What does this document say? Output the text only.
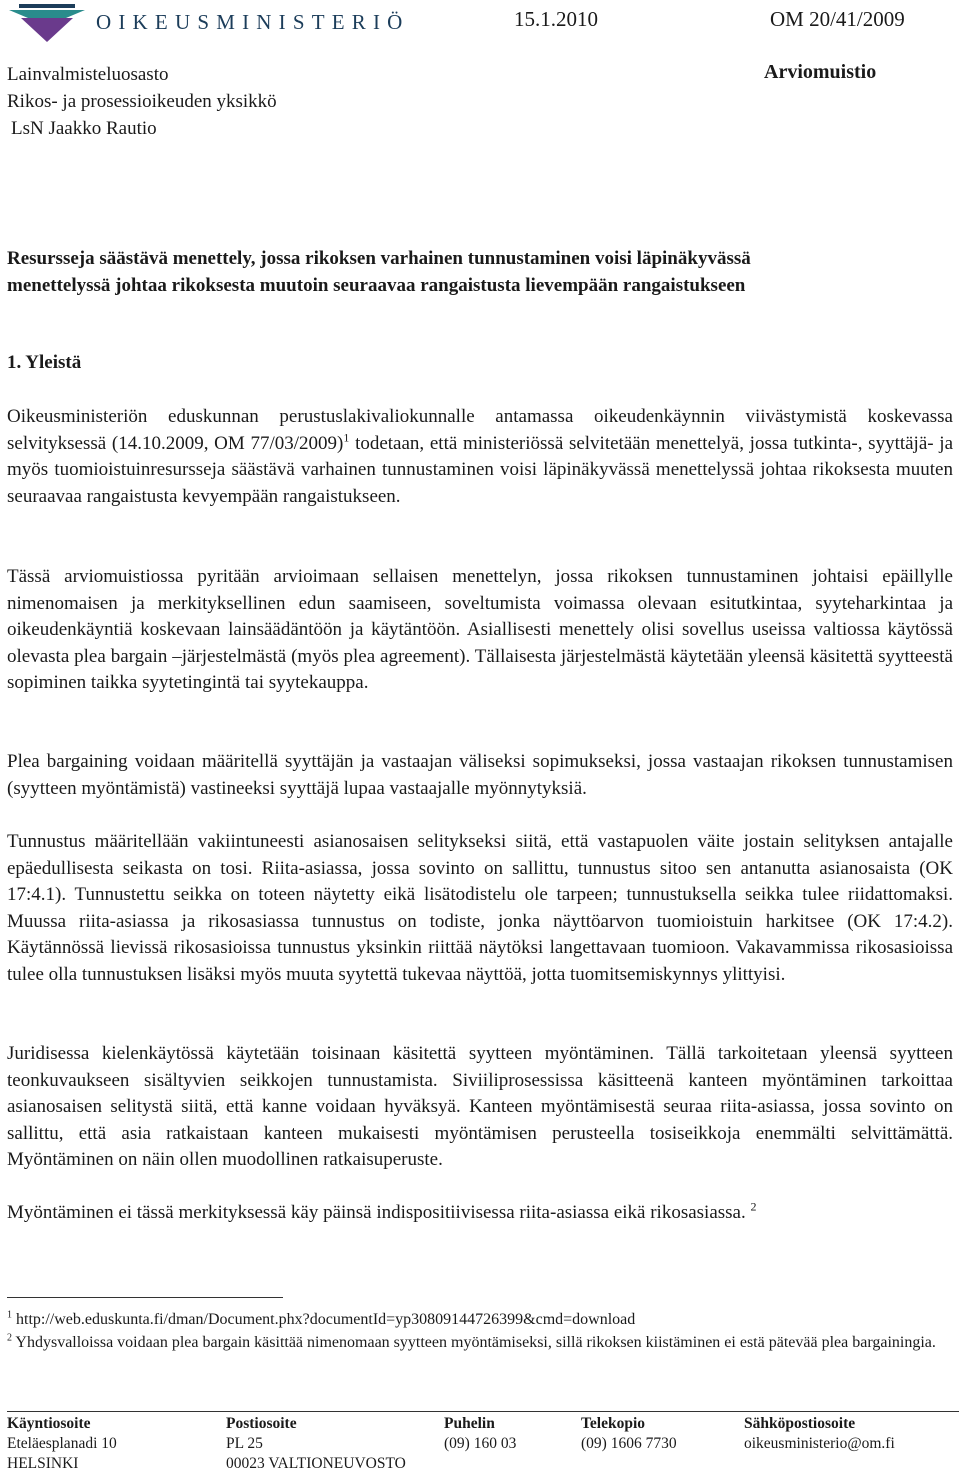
OIKEUSMINISTERIÖ	15.1.2010	OM 20/41/2009
Lainvalmisteluosasto
Rikos- ja prosessioikeuden yksikkö
LsN Jaakko Rautio
Arviomuistio
Resursseja säästävä menettely, jossa rikoksen varhainen tunnustaminen voisi läpinäkyvässä
menettelyssä johtaa rikoksesta muutoin seuraavaa rangaistusta lievempään rangaistukseen
1. Yleistä

Oikeusministeriön eduskunnan perustuslakivaliokunnalle antamassa oikeudenkäynnin viivästymistä koskevassa selvityksessä (14.10.2009, OM 77/03/2009)$^1$ todetaan, että ministeriössä selvitetään menettelyä, jossa tutkinta-, syyttäjä- ja myös tuomioistuinresursseja säästävä varhainen tunnustaminen voisi läpinäkyvässä menettelyssä johtaa rikoksesta muuten seuraavaa rangaistusta kevyempään rangaistukseen.

Tässä arviomuistiossa pyritään arvioimaan sellaisen menettelyn, jossa rikoksen tunnustaminen johtaisi epäillylle nimenomaisen ja merkityksellinen edun saamiseen, soveltumista voimassa olevaan esitutkintaa, syyteharkintaa ja oikeudenkäyntiä koskevaan lainsäädäntöön ja käytäntöön. Asiallisesti menettely olisi sovellus useissa valtiossa käytössä olevasta plea bargain –järjestelmästä (myös plea agreement). Tällaisesta järjestelmästä käytetään yleensä käsitettä syytteestä sopiminen taikka syytetingintä tai syytekauppa.

Plea bargaining voidaan määritellä syyttäjän ja vastaajan väliseksi sopimukseksi, jossa vastaajan rikoksen tunnustamisen (syytteen myöntämistä) vastineeksi syyttäjä lupaa vastaajalle myönnytyksiä.

Tunnustus määritellään vakiintuneesti asianosaisen selitykseksi siitä, että vastapuolen väite jostain selityksen antajalle epäedullisesta seikasta on tosi. Riita-asiassa, jossa sovinto on sallittu, tunnustus sitoo sen antanutta asianosaista (OK 17:4.1). Tunnustettu seikka on toteen näytetty eikä lisätodistelu ole tarpeen; tunnustuksella seikka tulee riidattomaksi. Muussa riita-asiassa ja rikosasiassa tunnustus on todiste, jonka näyttöarvon tuomioistuin harkitsee (OK 17:4.2). Käytännössä lievissä rikosasioissa tunnustus yksinkin riittää näytöksi langettavaan tuomioon. Vakavammissa rikosasioissa tulee olla tunnustuksen lisäksi myös muuta syytettä tukevaa näyttöä, jotta tuomitsemiskynnys ylittyisi.

Juridisessa kielenkäytössä käytetään toisinaan käsitettä syytteen myöntäminen. Tällä tarkoitetaan yleensä syytteen teonkuvaukseen sisältyvien seikkojen tunnustamista. Siviiliprosessissa käsitteenä kanteen myöntäminen tarkoittaa asianosaisen selitystä siitä, että kanne voidaan hyväksyä. Kanteen myöntämisestä seuraa riita-asiassa, jossa sovinto on sallittu, että asia ratkaistaan kanteen mukaisesti myöntämisen perusteella tosiseikkoja enemmälti selvittämättä. Myöntäminen on näin ollen muodollinen ratkaisuperuste.

Myöntäminen ei tässä merkityksessä käy päinsä indispositiivisessa riita-asiassa eikä rikosasiassa. $^2$

$^1$ http://web.eduskunta.fi/dman/Document.phx?documentId=yp30809144726399&cmd=download
$^2$ Yhdysvalloissa voidaan plea bargain käsittää nimenomaan syytteen myöntämiseksi, sillä rikoksen kiistäminen ei estä pätevää plea bargainingia.
Käyntiosoite
Eteläesplanadi 10
HELSINKI
Postiosoite
PL 25
00023 VALTIONEUVOSTO
Puhelin
(09) 160 03
Telekopio
(09) 1606 7730
Sähköpostiosoite
oikeusministerio@om.fi
